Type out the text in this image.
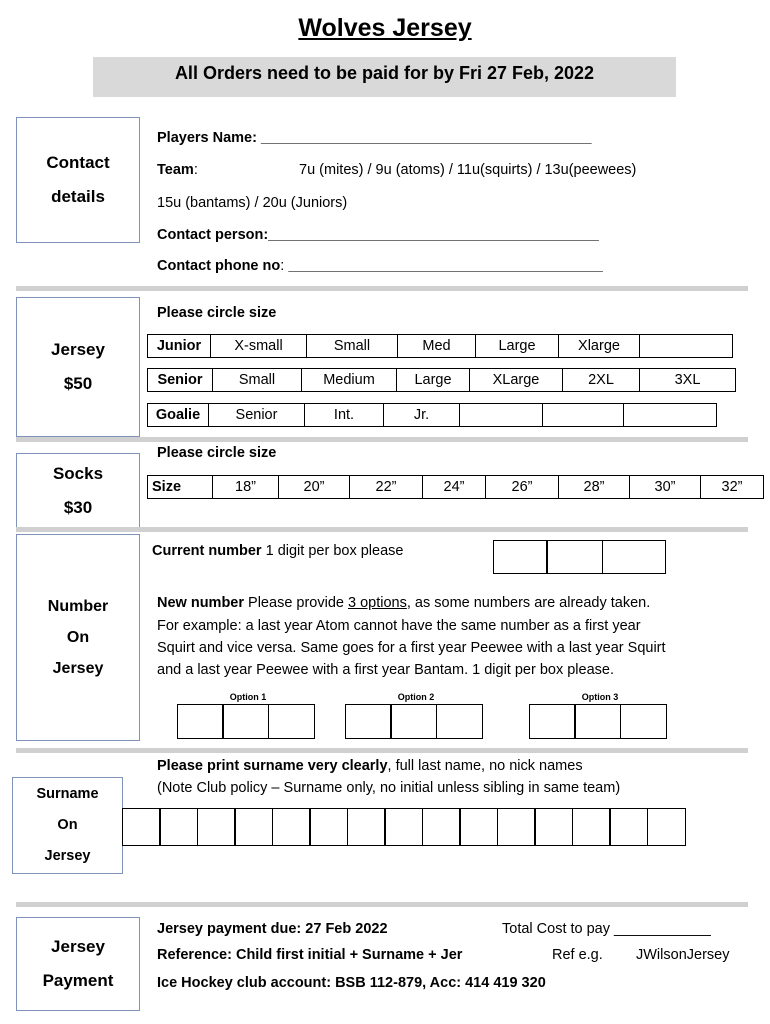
Wolves Jersey
All Orders need to be paid for by Fri 27 Feb, 2022
Contact
details
Players Name: _________________________________________
Team:	7u (mites) / 9u (atoms) / 11u(squirts) / 13u(peewees)
15u (bantams) / 20u (Juniors)
Contact person:_________________________________________
Contact phone no: _______________________________________
Jersey
$50
Please circle size
Junior	X-small	Small	Med	Large	Xlarge	
Senior	Small	Medium	Large	XLarge	2XL	3XL
Goalie	Senior	Int.	Jr.			
Socks
$30
Please circle size
Size	18”	20”	22”	24”	26”	28”	30”	32”
Number
On
Jersey
Current number 1 digit per box please
New number Please provide 3 options, as some numbers are already taken.
For example: a last year Atom cannot have the same number as a first year
Squirt and vice versa. Same goes for a first year Peewee with a last year Squirt
and a last year Peewee with a first year Bantam. 1 digit per box please.
Option 1	Option 2	Option 3
Surname
On
Jersey
Please print surname very clearly, full last name, no nick names
(Note Club policy – Surname only, no initial unless sibling in same team)
Jersey
Payment
Jersey payment due: 27 Feb 2022	Total Cost to pay ____________
Reference: Child first initial + Surname + Jer	Ref e.g. JWilsonJersey
Ice Hockey club account: BSB 112-879, Acc: 414 419 320
